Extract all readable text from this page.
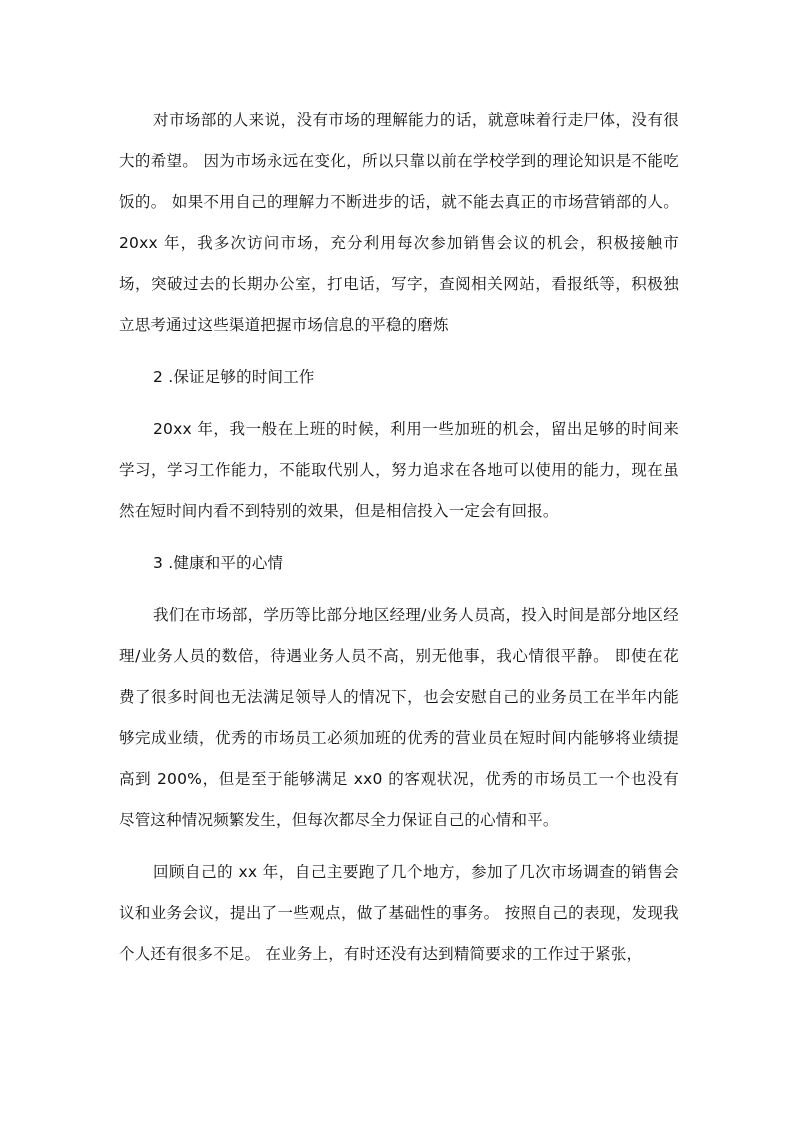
对市场部的人来说，没有市场的理解能力的话，就意味着行走尸体，没有很大的希望。 因为市场永远在变化，所以只靠以前在学校学到的理论知识是不能吃饭的。 如果不用自己的理解力不断进步的话，就不能去真正的市场营销部的人。 20xx 年，我多次访问市场，充分利用每次参加销售会议的机会，积极接触市场，突破过去的长期办公室，打电话，写字，查阅相关网站，看报纸等，积极独立思考通过这些渠道把握市场信息的平稳的磨炼

2 .保证足够的时间工作

20xx 年，我一般在上班的时候，利用一些加班的机会，留出足够的时间来学习，学习工作能力，不能取代别人，努力追求在各地可以使用的能力，现在虽然在短时间内看不到特别的效果，但是相信投入一定会有回报。

3 .健康和平的心情

我们在市场部，学历等比部分地区经理/业务人员高，投入时间是部分地区经理/业务人员的数倍，待遇业务人员不高，别无他事，我心情很平静。 即使在花费了很多时间也无法满足领导人的情况下，也会安慰自己的业务员工在半年内能够完成业绩，优秀的市场员工必须加班的优秀的营业员在短时间内能够将业绩提高到 200%，但是至于能够满足 xx0 的客观状况，优秀的市场员工一个也没有尽管这种情况频繁发生，但每次都尽全力保证自己的心情和平。

回顾自己的 xx 年，自己主要跑了几个地方，参加了几次市场调查的销售会议和业务会议，提出了一些观点，做了基础性的事务。 按照自己的表现，发现我个人还有很多不足。 在业务上，有时还没有达到精简要求的工作过于紧张，
